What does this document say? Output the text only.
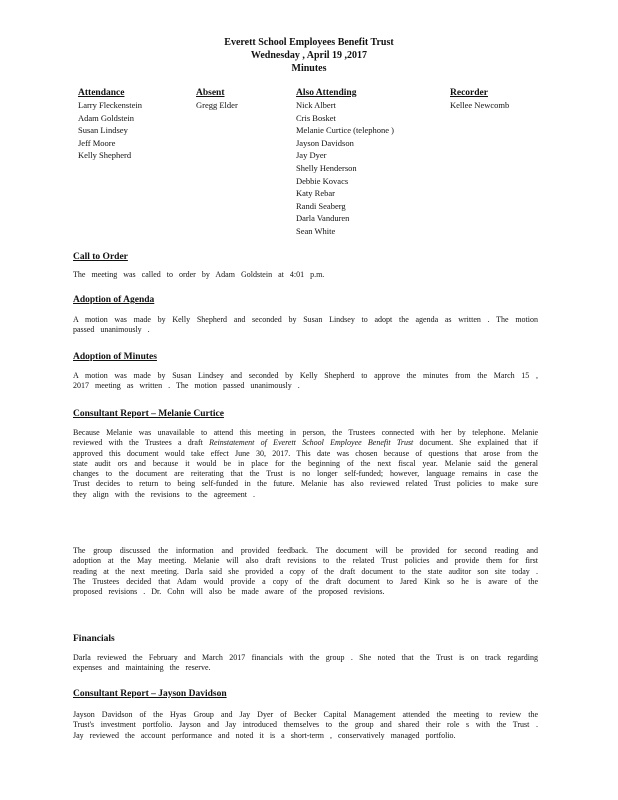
Everett School Employees Benefit Trust
Wednesday , April 19 ,2017
Minutes
Attendance
Larry Fleckenstein
Adam Goldstein
Susan Lindsey
Jeff Moore
Kelly Shepherd
Absent
Gregg Elder
Also Attending
Nick Albert
Cris Bosket
Melanie Curtice (telephone )
Jayson Davidson
Jay Dyer
Shelly Henderson
Debbie Kovacs
Katy Rebar
Randi Seaberg
Darla Vanduren
Sean White
Recorder
Kellee Newcomb
Call to Order
The meeting was called to order by Adam Goldstein at 4:01 p.m.
Adoption of Agenda
A motion was made by Kelly Shepherd and seconded by Susan Lindsey to adopt the agenda as written . The motion passed unanimously .
Adoption of Minutes
A motion was made by Susan Lindsey and seconded by Kelly Shepherd to approve the minutes from the March 15 , 2017 meeting as written . The motion passed unanimously .
Consultant Report – Melanie Curtice
Because Melanie was unavailable to attend this meeting in person, the Trustees connected with her by telephone. Melanie reviewed with the Trustees a draft Reinstatement of Everett School Employee Benefit Trust document. She explained that if approved this document would take effect June 30, 2017. This date was chosen because of questions that arose from the state audit ors and because it would be in place for the beginning of the next fiscal year. Melanie said the general changes to the document are reiterating that the Trust is no longer self-funded; however, language remains in case the Trust decides to return to being self-funded in the future. Melanie has also reviewed related Trust policies to make sure they align with the revisions to the agreement .
The group discussed the information and provided feedback. The document will be provided for second reading and adoption at the May meeting. Melanie will also draft revisions to the related Trust policies and provide them for first reading at the next meeting. Darla said she provided a copy of the draft document to the state auditor son site today . The Trustees decided that Adam would provide a copy of the draft document to Jared Kink so he is aware of the proposed revisions . Dr. Cohn will also be made aware of the proposed revisions.
Financials
Darla reviewed the February and March 2017 financials with the group . She noted that the Trust is on track regarding expenses and maintaining the reserve.
Consultant Report – Jayson Davidson
Jayson Davidson of the Hyas Group and Jay Dyer of Becker Capital Management attended the meeting to review the Trust's investment portfolio. Jayson and Jay introduced themselves to the group and shared their role s with the Trust . Jay reviewed the account performance and noted it is a short-term , conservatively managed portfolio.
